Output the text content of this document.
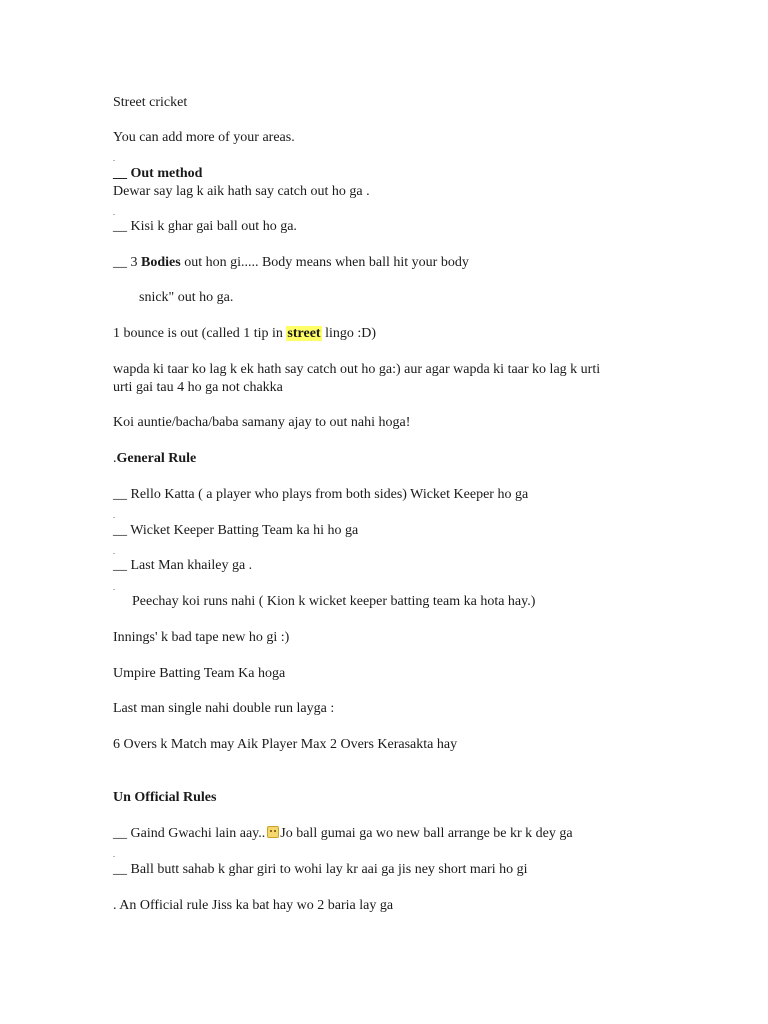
Street cricket
You can add more of your areas.
.
__ Out method
Dewar say lag k aik hath say catch out ho ga .
.
__ Kisi k ghar gai ball out ho ga.
__ 3 Bodies out hon gi..... Body means when ball hit your body
snick" out ho ga.
1 bounce is out (called 1 tip in street lingo :D)
wapda ki taar ko lag k ek hath say catch out ho ga:) aur agar wapda ki taar ko lag k urti
urti gai tau 4 ho ga not chakka
Koi auntie/bacha/baba samany ajay to out nahi hoga!
.General Rule
__ Rello Katta ( a player who plays from both sides) Wicket Keeper ho ga
.
__ Wicket Keeper Batting Team ka hi ho ga
.
__ Last Man khailey ga .
.
Peechay koi runs nahi ( Kion k wicket keeper batting team ka hota hay.)
Innings' k bad tape new ho gi :)
Umpire Batting Team Ka hoga
Last man single nahi double run layga :
6 Overs k Match may Aik Player Max 2 Overs Kerasakta hay
Un Official Rules
__ Gaind Gwachi lain aay.. Jo ball gumai ga wo new ball arrange be kr k dey ga
.
__ Ball butt sahab k ghar giri to wohi lay kr aai ga jis ney short mari ho gi
. An Official rule Jiss ka bat hay wo 2 baria lay ga
